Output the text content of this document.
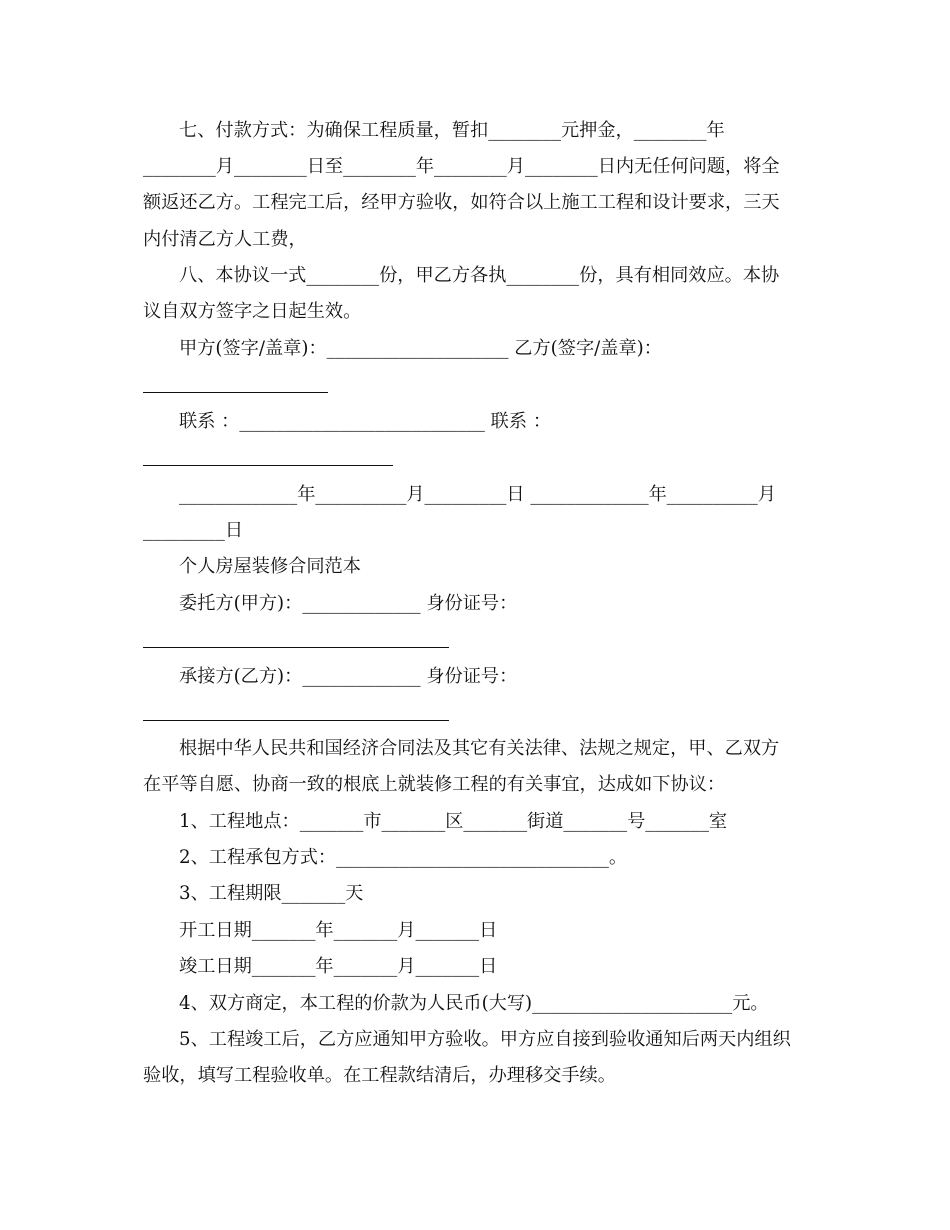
七、付款方式：为确保工程质量，暂扣________元押金，________年
________月________日至________年________月________日内无任何问题，将全
额返还乙方。工程完工后，经甲方验收，如符合以上施工工程和设计要求，三天
内付清乙方人工费，
八、本协议一式________份，甲乙方各执________份，具有相同效应。本协
议自双方签字之日起生效。
甲方(签字/盖章)：____________________ 乙方(签字/盖章)：
联系 ：___________________________ 联系 ：
_____________年__________月_________日 _____________年__________月
_________日
个人房屋装修合同范本
委托方(甲方)：_____________ 身份证号：
承接方(乙方)：_____________ 身份证号：
根据中华人民共和国经济合同法及其它有关法律、法规之规定，甲、乙双方
在平等自愿、协商一致的根底上就装修工程的有关事宜，达成如下协议：
1、工程地点：_______市_______区_______街道_______号_______室
2、工程承包方式：______________________________。
3、工程期限_______天
开工日期_______年_______月_______日
竣工日期_______年_______月_______日
4、双方商定，本工程的价款为人民币(大写)______________________元。
5、工程竣工后，乙方应通知甲方验收。甲方应自接到验收通知后两天内组织
验收，填写工程验收单。在工程款结清后，办理移交手续。
